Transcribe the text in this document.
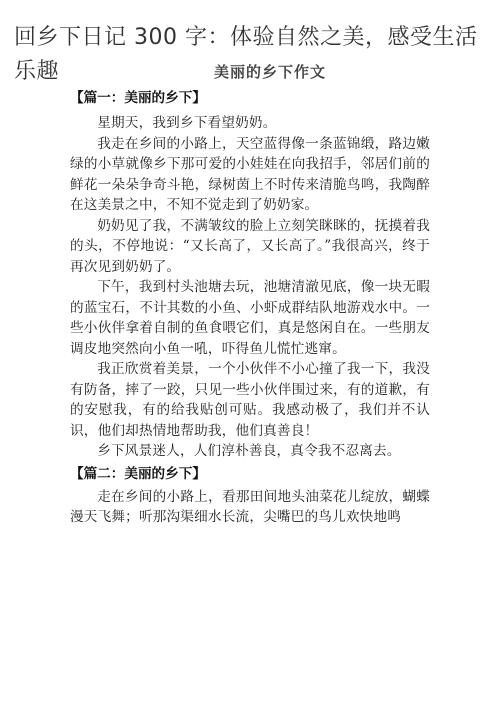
回乡下日记 300 字：体验自然之美，感受生活乐趣	美丽的乡下作文
【篇一：美丽的乡下】

星期天，我到乡下看望奶奶。

我走在乡间的小路上，天空蓝得像一条蓝锦缎，路边嫩绿的小草就像乡下那可爱的小娃娃在向我招手，邻居们前的鲜花一朵朵争奇斗艳，绿树茵上不时传来清脆鸟鸣，我陶醉在这美景之中，不知不觉走到了奶奶家。

奶奶见了我，不满皱纹的脸上立刻笑眯眯的，抚摸着我的头，不停地说：“又长高了，又长高了。”我很高兴，终于再次见到奶奶了。

下午，我到村头池塘去玩，池塘清澈见底，像一块无暇的蓝宝石，不计其数的小鱼、小虾成群结队地游戏水中。一些小伙伴拿着自制的鱼食喂它们，真是悠闲自在。一些朋友调皮地突然向小鱼一吼，吓得鱼儿慌忙逃窜。

我正欣赏着美景，一个小伙伴不小心撞了我一下，我没有防备，摔了一跤，只见一些小伙伴围过来，有的道歉，有的安慰我，有的给我贴创可贴。我感动极了，我们并不认识，他们却热情地帮助我，他们真善良！

乡下风景迷人，人们淳朴善良，真令我不忍离去。

【篇二：美丽的乡下】

走在乡间的小路上，看那田间地头油菜花儿绽放，蝴蝶漫天飞舞；听那沟渠细水长流，尖嘴巴的鸟儿欢快地鸣
